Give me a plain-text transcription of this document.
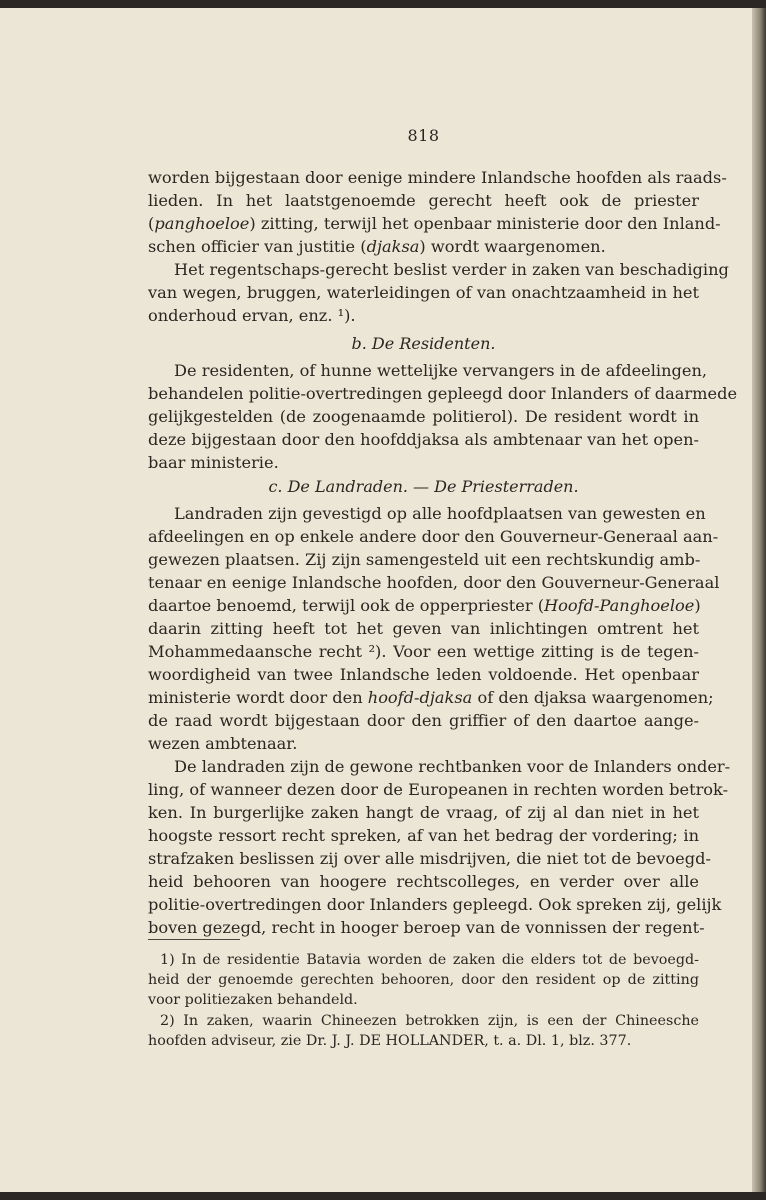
818
worden bijgestaan door eenige mindere Inlandsche hoofden als raads-
lieden. In het laatstgenoemde gerecht heeft ook de priester
(panghoeloe) zitting, terwijl het openbaar ministerie door den Inland-
schen officier van justitie (djaksa) wordt waargenomen.
Het regentschaps-gerecht beslist verder in zaken van beschadiging
van wegen, bruggen, waterleidingen of van onachtzaamheid in het
onderhoud ervan, enz. ¹).
b. De Residenten.
De residenten, of hunne wettelijke vervangers in de afdeelingen,
behandelen politie-overtredingen gepleegd door Inlanders of daarmede
gelijkgestelden (de zoogenaamde politierol). De resident wordt in
deze bijgestaan door den hoofddjaksa als ambtenaar van het open-
baar ministerie.
c. De Landraden. — De Priesterraden.
Landraden zijn gevestigd op alle hoofdplaatsen van gewesten en
afdeelingen en op enkele andere door den Gouverneur-Generaal aan-
gewezen plaatsen. Zij zijn samengesteld uit een rechtskundig amb-
tenaar en eenige Inlandsche hoofden, door den Gouverneur-Generaal
daartoe benoemd, terwijl ook de opperpriester (Hoofd-Panghoeloe)
daarin zitting heeft tot het geven van inlichtingen omtrent het
Mohammedaansche recht ²). Voor een wettige zitting is de tegen-
woordigheid van twee Inlandsche leden voldoende. Het openbaar
ministerie wordt door den hoofd-djaksa of den djaksa waargenomen;
de raad wordt bijgestaan door den griffier of den daartoe aange-
wezen ambtenaar.
De landraden zijn de gewone rechtbanken voor de Inlanders onder-
ling, of wanneer dezen door de Europeanen in rechten worden betrok-
ken. In burgerlijke zaken hangt de vraag, of zij al dan niet in het
hoogste ressort recht spreken, af van het bedrag der vordering; in
strafzaken beslissen zij over alle misdrijven, die niet tot de bevoegd-
heid behooren van hoogere rechtscolleges, en verder over alle
politie-overtredingen door Inlanders gepleegd. Ook spreken zij, gelijk
boven gezegd, recht in hooger beroep van de vonnissen der regent-
1) In de residentie Batavia worden de zaken die elders tot de bevoegd-
heid der genoemde gerechten behooren, door den resident op de zitting
voor politiezaken behandeld.
2) In zaken, waarin Chineezen betrokken zijn, is een der Chineesche
hoofden adviseur, zie Dr. J. J. DE HOLLANDER, t. a. Dl. 1, blz. 377.
